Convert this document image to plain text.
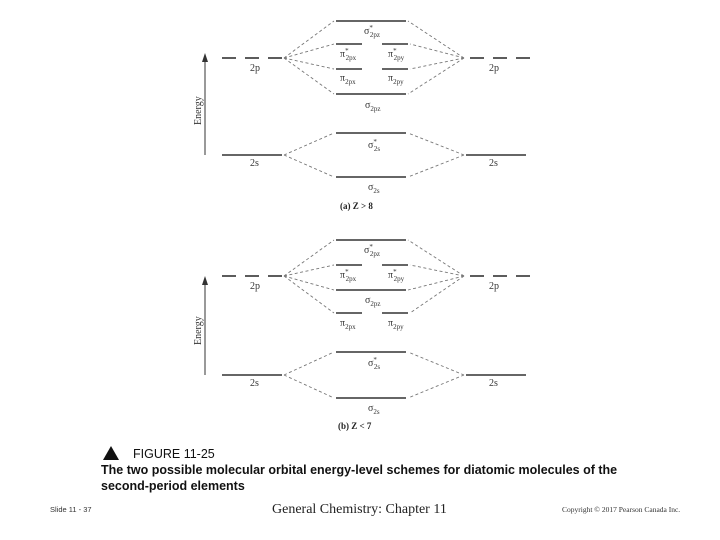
Energy
2p	2p
2s	2s
σ* 2pz
π* 2px	π* 2py
$\pi_{2px}$	$\pi_{2py}$
$\sigma_{2pz}$
σ* 2s
$\sigma_{2s}$
(a) Z > 8
Energy
2p	2p
2s	2s
σ* 2pz
π* 2px	π* 2py
$\sigma_{2pz}$
$\pi_{2px}$	$\pi_{2py}$
σ* 2s
$\sigma_{2s}$
(b) Z < 7
FIGURE 11-25
The two possible molecular orbital energy-level schemes for diatomic molecules of the second-period elements
Slide 11 - 37	General Chemistry: Chapter 11	Copyright © 2017 Pearson Canada Inc.
